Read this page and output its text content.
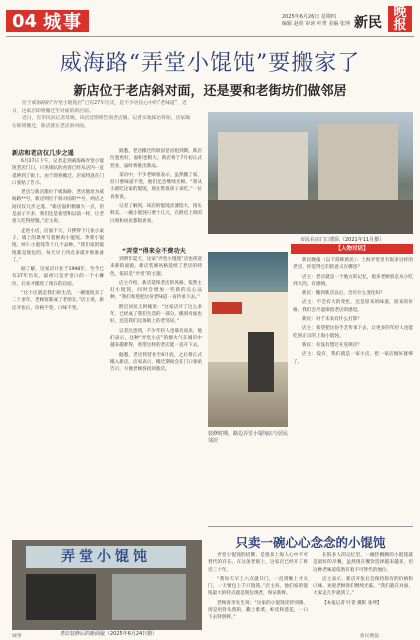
04 城事	2025年6月26日 星期四
编辑 赵荷 审读 叶菁 美编 张坤 新民
晚报
威海路“弄堂小馄饨”要搬家了
新店位于老店斜对面，还是要和老街坊们做邻居

位于威海路的“弄堂小馄饨店”已有27年历史，是不少居民心中的“老味道”，近日，这家店即将搬迁至对面的新店面。

近日，有市民向记者反映，该店近期将告别老店铺。记者实地探访得知，店家确实即将搬迁，新店就在老店斜对面。

市民在店门口排队（2021年11月摄）
新店和老店仅几步之遥

6月27日下午，记者走到威海路弄堂小馄饨老店门口，只见排队的食客已经从店内一直延伸到了街上。由于即将搬迁，店家特意在门口张贴了告示。

老店与新店都位于威海路，老店地址为威海路**号，新店则位于斜对面的**号，两店之间仅仅几步之遥。“新店面积稍微大一点，但是桌子不多，我们还是希望和以前一样，让老客人吃得舒服。”店主说。

走进小店，店面不大，只摆得下几张小桌子，墙上的菜单写着鲜肉小馄饨、荠菜小馄饨、虾仁小馄饨等十几个品种。“我们家的馄饨都是现包的，每天早上四点多就开始准备了。”

据了解，这家店开业于1998年，至今已有27年历史。最初只是弄堂口的一个小摊位，后来才搬进了现在的店面。

“这个店就是我们的生活，一碗馄饨卖了二十多年，老顾客都成了老朋友。”店主说，新店开张后，价格不变，口味不变。

据悉，老店搬迁的原因是房租到期，新店位置更好，面积也稍大。新店将于7月初正式营业，届时将推出新品。

采访中，不少老顾客表示，虽然搬了家，但只要味道不变，他们还会继续光顾。“我从小就吃这家的馄饨，现在带着孩子来吃。”一位食客说。

记者了解到，该店的馄饨皮薄馅大，汤头鲜美，一碗小馄饨只要十几元，在附近上班的白领和居民都很喜欢。

“弄堂”得来全不费功夫

到明年夏天，这家“弄堂小馄饨”店也将迎来新的面貌。新店装修风格延续了老店的特色，依旧是“弄堂”的主题。

店主介绍，新店延续老店的风格，依然主打小馄饨，同时会增加一些新的点心品种。“我们希望把这份老味道一直传承下去。”

附近居民王阿姨说：“这家店开了这么多年，已经成了我们生活的一部分。搬到对面也好，还是我们这条街上的老邻居。”

记者注意到，不少年轻人也慕名而来，他们表示，这种“弄堂小店”的烟火气在城市中越来越难得，希望这样的老店能一直开下去。

据悉，老店将营业至6月底，之后将正式搬入新店。店家表示，搬迁期间会在门口张贴告示，方便老顾客找到新店。

【人物对话】

新民晚报（以下简称新民）：上海弄堂里有很多这样的老店，你觉得它们的意义在哪里？

店主：老店就是一个地方的记忆，很多老顾客是从小吃到大的，有感情。

新民：搬到新店以后，会有什么变化吗？

店主：不会有大的变化，还是原来的味道，原来的价格，我们会尽量保留老店的感觉。

新民：对于未来有什么打算？

店主：希望把这份手艺传承下去，让更多的年轻人也能吃到正宗的上海小馄饨。

新民：有没有想过开连锁店？

店主：没有，我们就是一家小店，把一家店做好就够了。

装修时期，路边弄堂小馄饨店与居民邻居
只卖一碗心心念念的小馄饨

弄堂小馄饨的招牌，是很多上海人心中不可替代的存在。在这条老街上，这家店已经开了将近三十年。

“我每天早上六点就开门，一直到晚上才关门，一天要包上千只馄饨。”店主说，他们家的馄饨最大的特点就是现包现煮，保证新鲜。

老顾客李先生说：“这家的小馄饨皮特别薄，汤是用骨头熬的，撒上紫菜、虾皮和葱花，一口下去特别鲜。”

在很多人的记忆里，一碗热腾腾的小馄饨就是最好的早餐。虽然现在餐饮选择越来越多，但这种老味道依然有着不可替代的地位。

店主表示，新店开张后会保持原有的价格和口味，欢迎老顾客们继续光临。“我们就在对面，大家走几步就到了。”

【本报记者 叶菁 摄影 张坤】

弄堂小馄饨
老店装修后的新面貌（2025年6月24日摄）
城事	新民晚报
